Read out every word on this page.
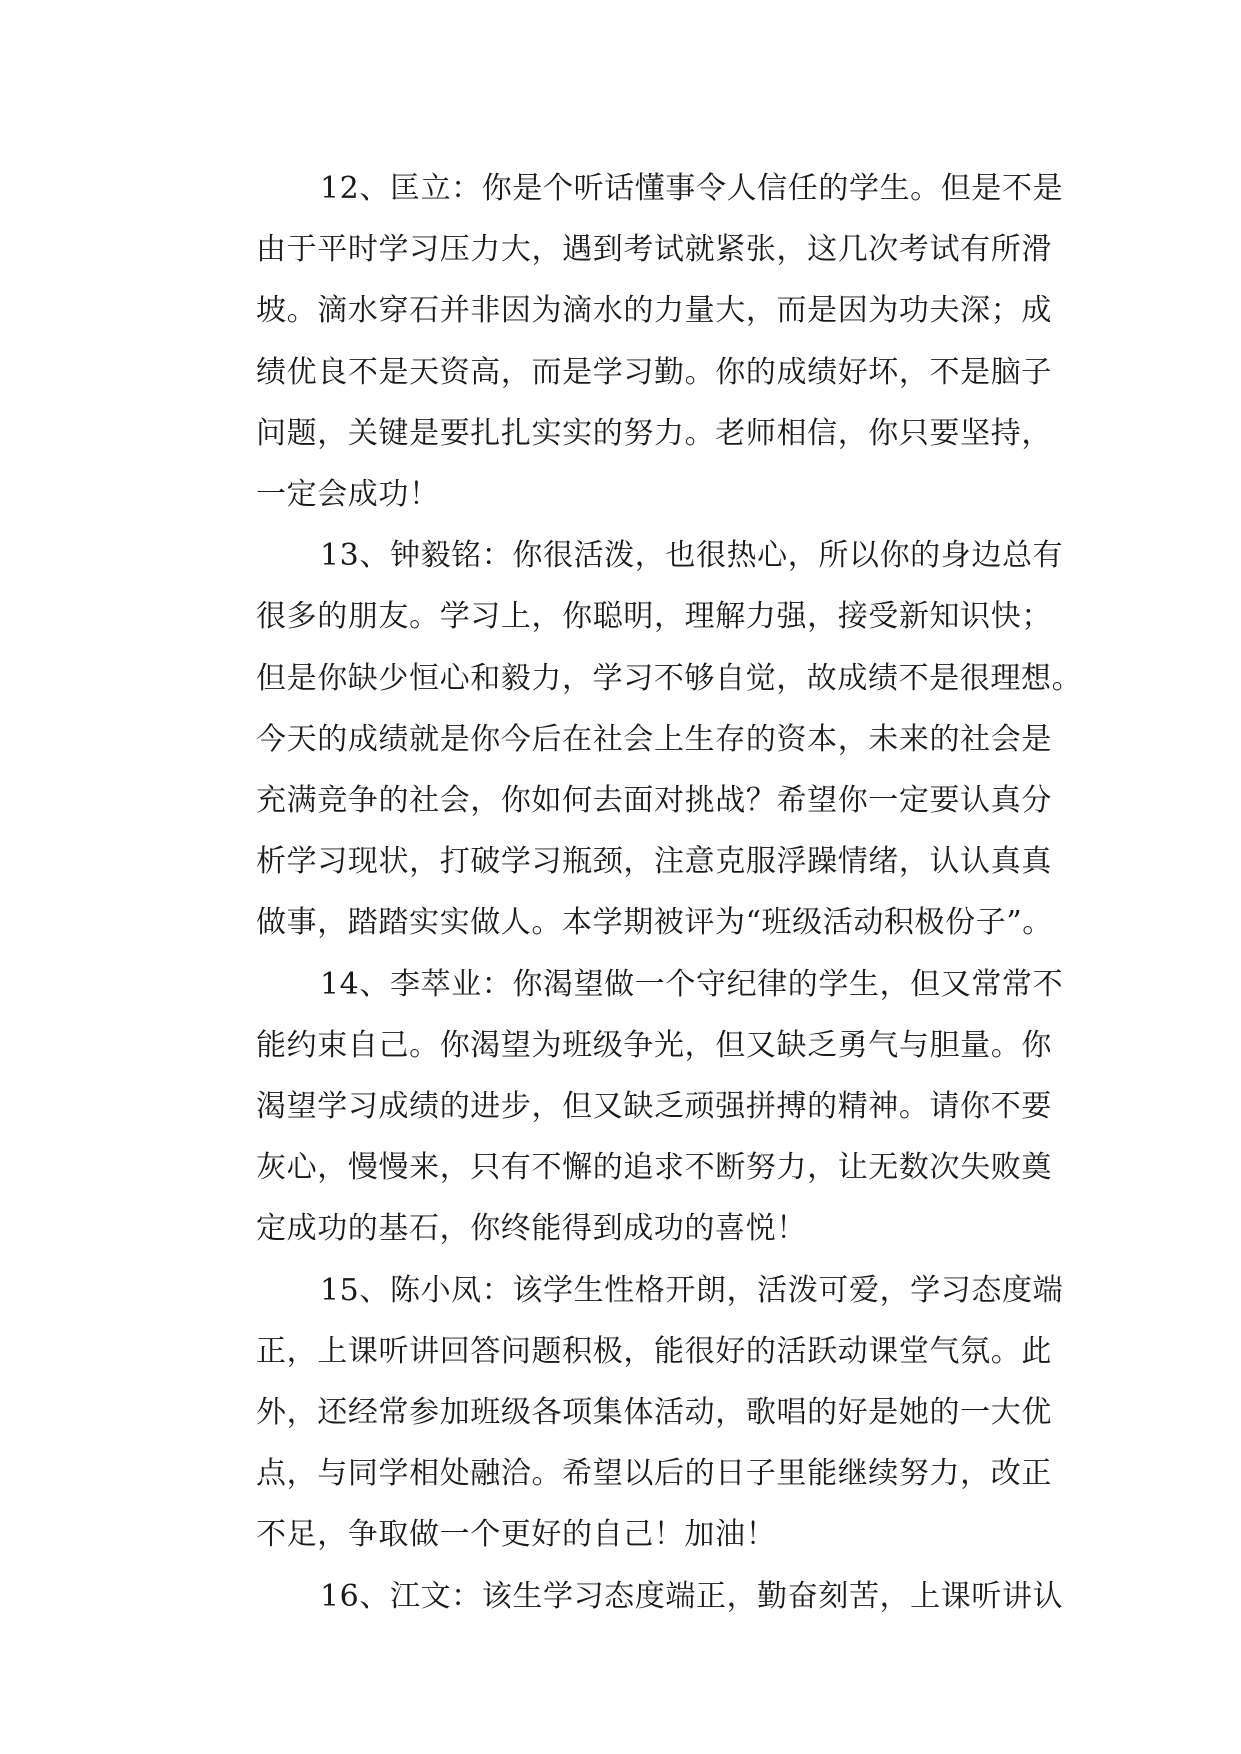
12、匡立：你是个听话懂事令人信任的学生。但是不是
由于平时学习压力大，遇到考试就紧张，这几次考试有所滑
坡。滴水穿石并非因为滴水的力量大，而是因为功夫深；成
绩优良不是天资高，而是学习勤。你的成绩好坏，不是脑子
问题，关键是要扎扎实实的努力。老师相信，你只要坚持，
一定会成功！
13、钟毅铭：你很活泼，也很热心，所以你的身边总有
很多的朋友。学习上，你聪明，理解力强，接受新知识快；
但是你缺少恒心和毅力，学习不够自觉，故成绩不是很理想。
今天的成绩就是你今后在社会上生存的资本，未来的社会是
充满竞争的社会，你如何去面对挑战？希望你一定要认真分
析学习现状，打破学习瓶颈，注意克服浮躁情绪，认认真真
做事，踏踏实实做人。本学期被评为“班级活动积极份子”。
14、李萃业：你渴望做一个守纪律的学生，但又常常不
能约束自己。你渴望为班级争光，但又缺乏勇气与胆量。你
渴望学习成绩的进步，但又缺乏顽强拼搏的精神。请你不要
灰心，慢慢来，只有不懈的追求不断努力，让无数次失败奠
定成功的基石，你终能得到成功的喜悦！
15、陈小凤：该学生性格开朗，活泼可爱，学习态度端
正，上课听讲回答问题积极，能很好的活跃动课堂气氛。此
外，还经常参加班级各项集体活动，歌唱的好是她的一大优
点，与同学相处融洽。希望以后的日子里能继续努力，改正
不足，争取做一个更好的自己！加油！
16、江文：该生学习态度端正，勤奋刻苦，上课听讲认
